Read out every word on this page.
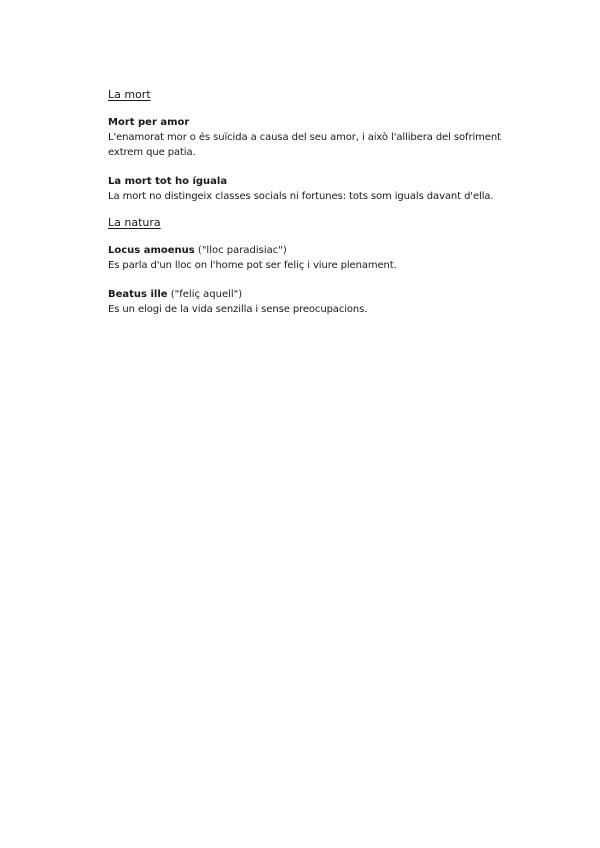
La mort

Mort per amor

L'enamorat mor o és suïcida a causa del seu amor, i això l'allibera del sofriment extrem que patia.

La mort tot ho íguala

La mort no distingeix classes socials ni fortunes: tots som iguals davant d'ella.

La natura

Locus amoenus ("lloc paradisiac")

Es parla d'un lloc on l'home pot ser feliç i viure plenament.

Beatus ille ("feliç aquell")

Es un elogi de la vida senzilla i sense preocupacions.
